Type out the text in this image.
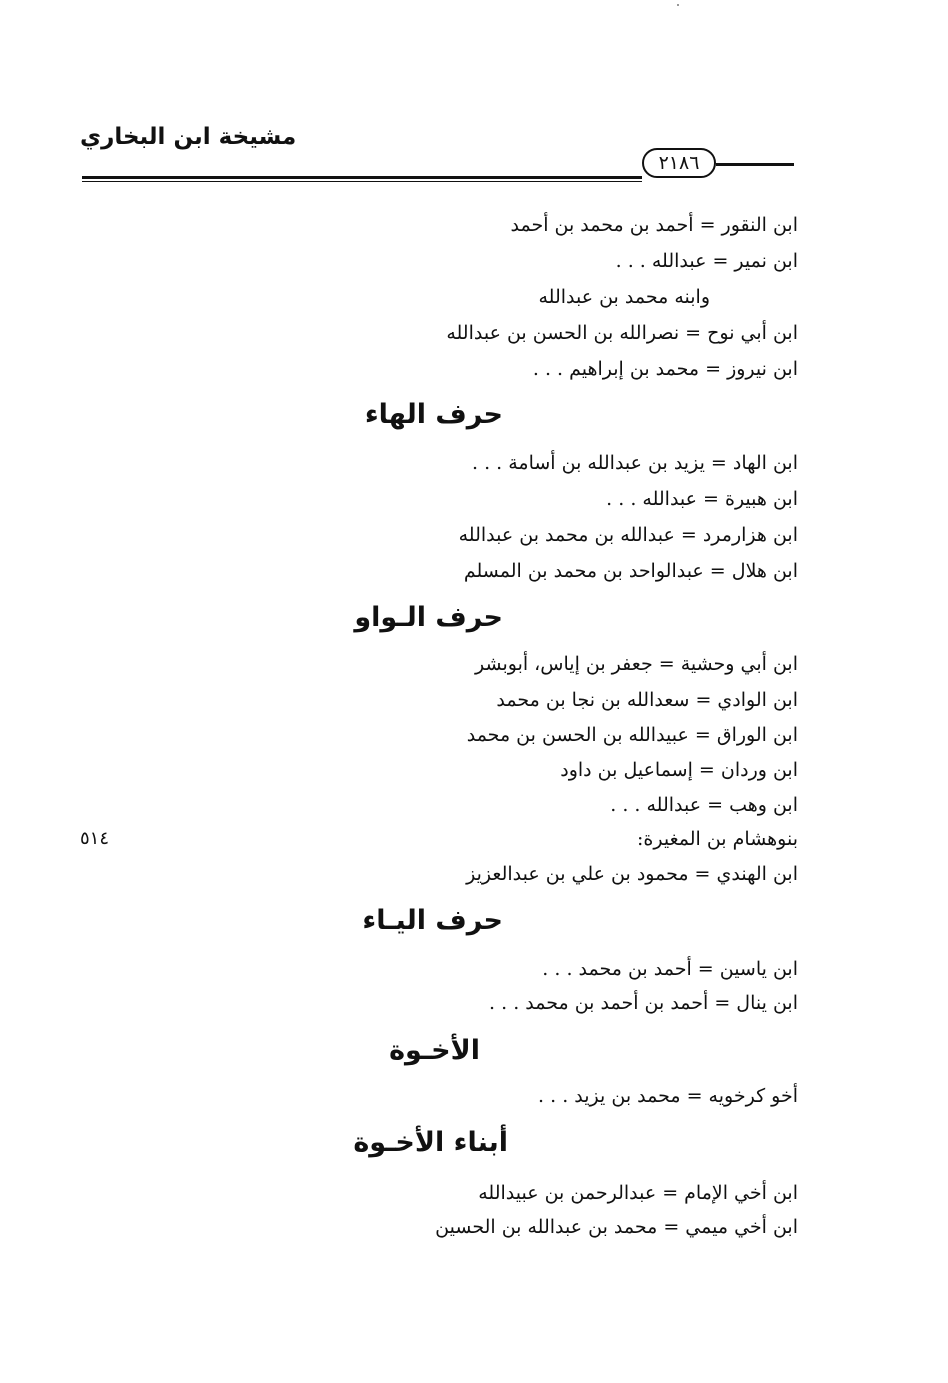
مشيخة ابن البخاري
٢١٨٦
ابن النقور = أحمد بن محمد بن أحمد
ابن نمير = عبدالله . . .
وابنه محمد بن عبدالله
ابن أبي نوح = نصرالله بن الحسن بن عبدالله
ابن نيروز = محمد بن إبراهيم . . .
حرف الهاء
ابن الهاد = يزيد بن عبدالله بن أسامة . . .
ابن هبيرة = عبدالله . . .
ابن هزارمرد = عبدالله بن محمد بن عبدالله
ابن هلال = عبدالواحد بن محمد بن المسلم
حرف الـواو
ابن أبي وحشية = جعفر بن إياس، أبوبشر
ابن الوادي = سعدالله بن نجا بن محمد
ابن الوراق = عبيدالله بن الحسن بن محمد
ابن وردان = إسماعيل بن داود
ابن وهب = عبدالله . . .
بنوهشام بن المغيرة:
ابن الهندي = محمود بن علي بن عبدالعزيز
٥١٤
حرف اليـاء
ابن ياسين = أحمد بن محمد . . .
ابن ينال = أحمد بن أحمد بن محمد . . .
الأخـوة
أخو كرخويه = محمد بن يزيد . . .
أبناء الأخـوة
ابن أخي الإمام = عبدالرحمن بن عبيدالله
ابن أخي ميمي = محمد بن عبدالله بن الحسين
